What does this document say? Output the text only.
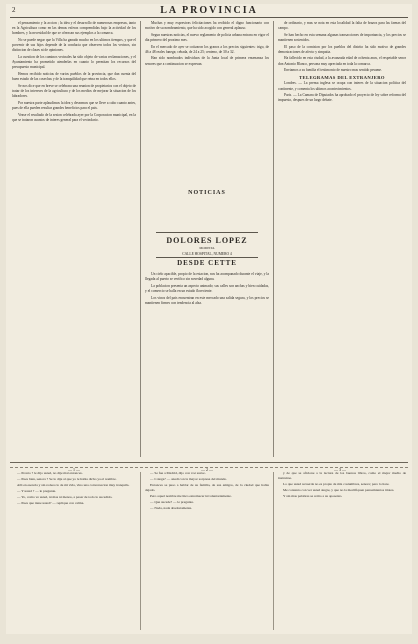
2	LA PROVINCIA

el pensamiento y la accion ; la idea y el desarrollo de numerosas empresas, tanto en la Agricultura como en las demas esferas comprendidas bajo la actividad de los hombres, y la necesidad de que se ofrezcan sus ejemplos a la comarca.

No se puede negar que la Villa ha ganado mucho en los ultimos tiempos, y que el porvenir de sus hijos depende de la conducta que observen todos los vecinos, sin distincion de clases ni de opiniones.

La cuestion de los caminos vecinales ha sido objeto de varias reclamaciones, y el Ayuntamiento ha prometido atenderlas en cuanto lo permitan los recursos del presupuesto municipal.

Hemos recibido noticias de varios pueblos de la provincia, que dan cuenta del buen estado de las cosechas y de la tranquilidad que reina en todos ellos.

Se nos dice que en breve se celebrara una reunion de propietarios con el objeto de tratar de los intereses de la agricultura y de los medios de mejorar la situacion de los labradores.

Por nuestra parte aplaudimos la idea y deseamos que se lleve a cabo cuanto antes, pues de ella pueden resultar grandes beneficios para el pais.

Vease el resultado de la sesion celebrada ayer por la Corporacion municipal, en la que se trataron asuntos de interes general para el vecindario.

Muchas y muy expresivas felicitaciones ha recibido el digno funcionario con motivo de su nombramiento, que ha sido acogido con general aplauso.

Segun nuestras noticias, el nuevo reglamento de policia urbana entrara en vigor el dia primero del proximo mes.

En el mercado de ayer se cotizaron los granos a los precios siguientes: trigo, de 46 a 48 reales fanega; cebada, de 24 a 25; centeno, de 30 a 32.

Han sido nombrados individuos de la Junta local de primera ensenanza los senores que a continuacion se expresan.

NOTICIAS
DOLORES LOPEZ
MODISTA
CALLE HOSPITAL, NUMERO 4
DESDE CETTE

Un cielo apacible, propio de la estacion, nos ha acompanado durante el viaje, y la llegada al puerto se verifico sin novedad alguna.

La poblacion presenta un aspecto animado; sus calles son anchas y bien cuidadas, y el comercio se halla en un estado floreciente.

Los vinos del pais encuentran en este mercado una salida segura, y los precios se mantienen firmes con tendencia al alza.

de ordinario, y mas se nota en esta localidad la falta de brazos para las faenas del campo.

Se han hecho en esta semana algunas transacciones de importancia, y los precios se mantienen sostenidos.

El paso de la comision por los pueblos del distrito ha sido motivo de grandes demostraciones de afecto y simpatia.

Ha fallecido en esta ciudad, a la avanzada edad de ochenta anos, el respetable senor don Antonio Blanco, persona muy apreciada en toda la comarca.

Enviamos a su familia el testimonio de nuestro mas sentido pesame.

TELEGRAMAS DEL EXTRANJERO

Londres. — La prensa inglesa se ocupa con interes de la situacion politica del continente, y comenta los ultimos acontecimientos.

Paris. — La Camara de Diputados ha aprobado el proyecto de ley sobre reforma del impuesto, despues de un largo debate.

— 1 —	— 2 —	— 3 —

— Pronto ? le dijo usted, no dije mal entonces.

— Pues bien, senora ? Se lo dije al que yo le habia dicho ya el nombre.

Alli en esencia y sin rodeos lo de mi vida, vino una conversacion muy tranquila.

— Y usted ? — le pregunte.

— Yo, como ve usted, ni mas ni menos, a pesar de todo lo sucedido.

— Pues que tiene usted? — replique con calma.

— Se fue a Madrid, dijo con voz suave.

— Colega? — anadi con la mayor sorpresa del mundo.

Entonces se puso a hablar de su familia, de sus amigos, de la ciudad que habia dejado.

Pero aquel nombre me hizo estremecer involuntariamente.

— Que sucede? — le pregunte.

— Nada, nada absolutamente.

y de que se aficione a la lectura de los buenos libros, como el mejor medio de instruirse.

Lo que usted recuerda no es propio de mis costumbres, senora; pero lo hare.

Me contento con ver usted alegre, y que no la mortifiquen pensamientos tristes.

Y sin mas palabras se retiro a su aposento.
